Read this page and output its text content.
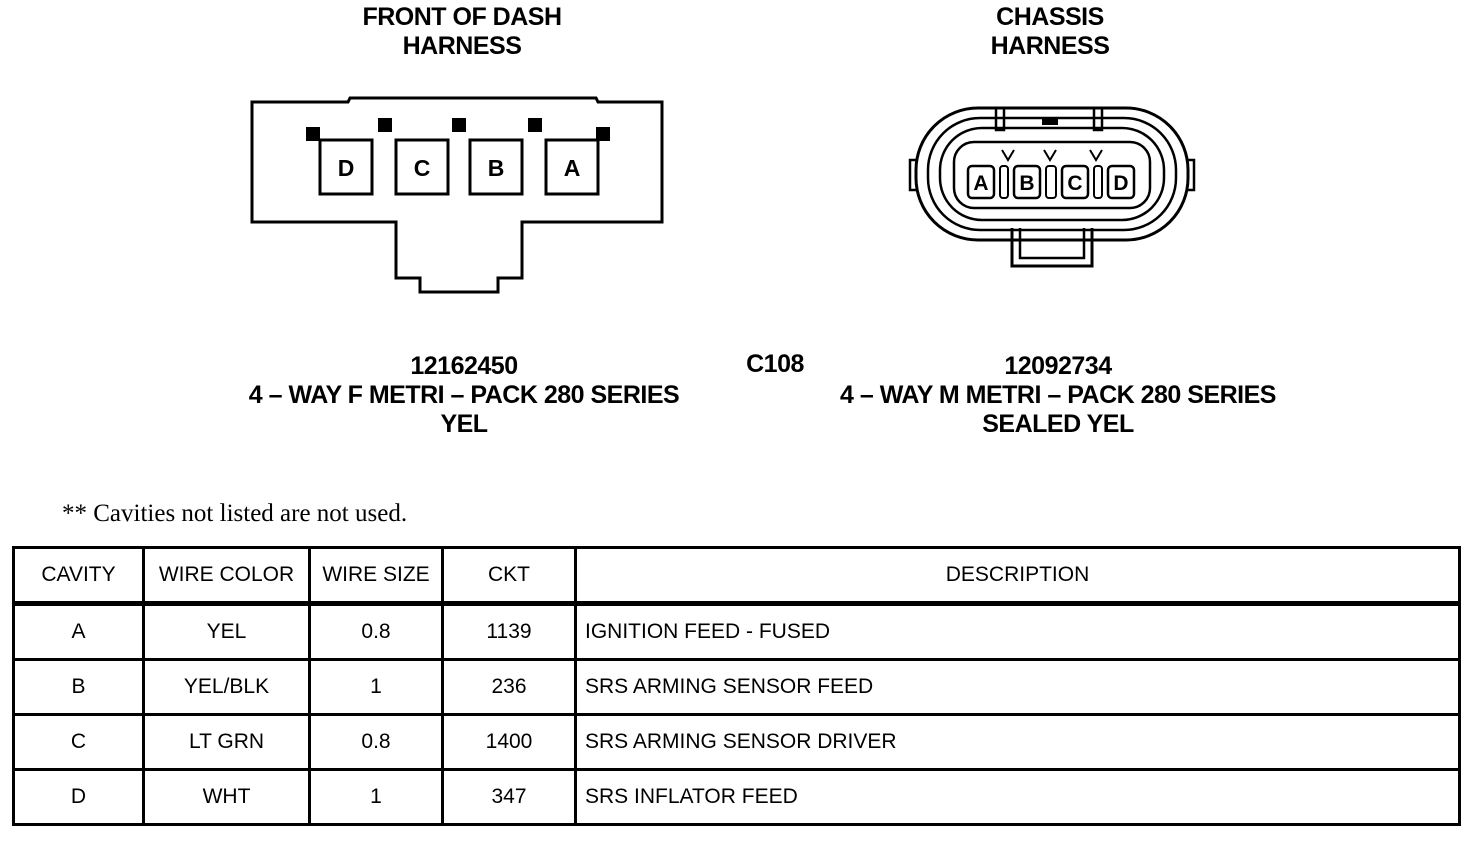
FRONT OF DASH
HARNESS
CHASSIS
HARNESS
D	C B	A
A B C D
12162450
4 – WAY F METRI – PACK 280 SERIES
YEL
C108	12092734
4 – WAY M METRI – PACK 280 SERIES
SEALED YEL
** Cavities not listed are not used.
CAVITY	WIRE COLOR	WIRE SIZE	CKT	DESCRIPTION
A	YEL	0.8	1139	IGNITION FEED - FUSED
B	YEL/BLK	1	236	SRS ARMING SENSOR FEED
C	LT GRN	0.8	1400	SRS ARMING SENSOR DRIVER
D	WHT	1	347	SRS INFLATOR FEED
